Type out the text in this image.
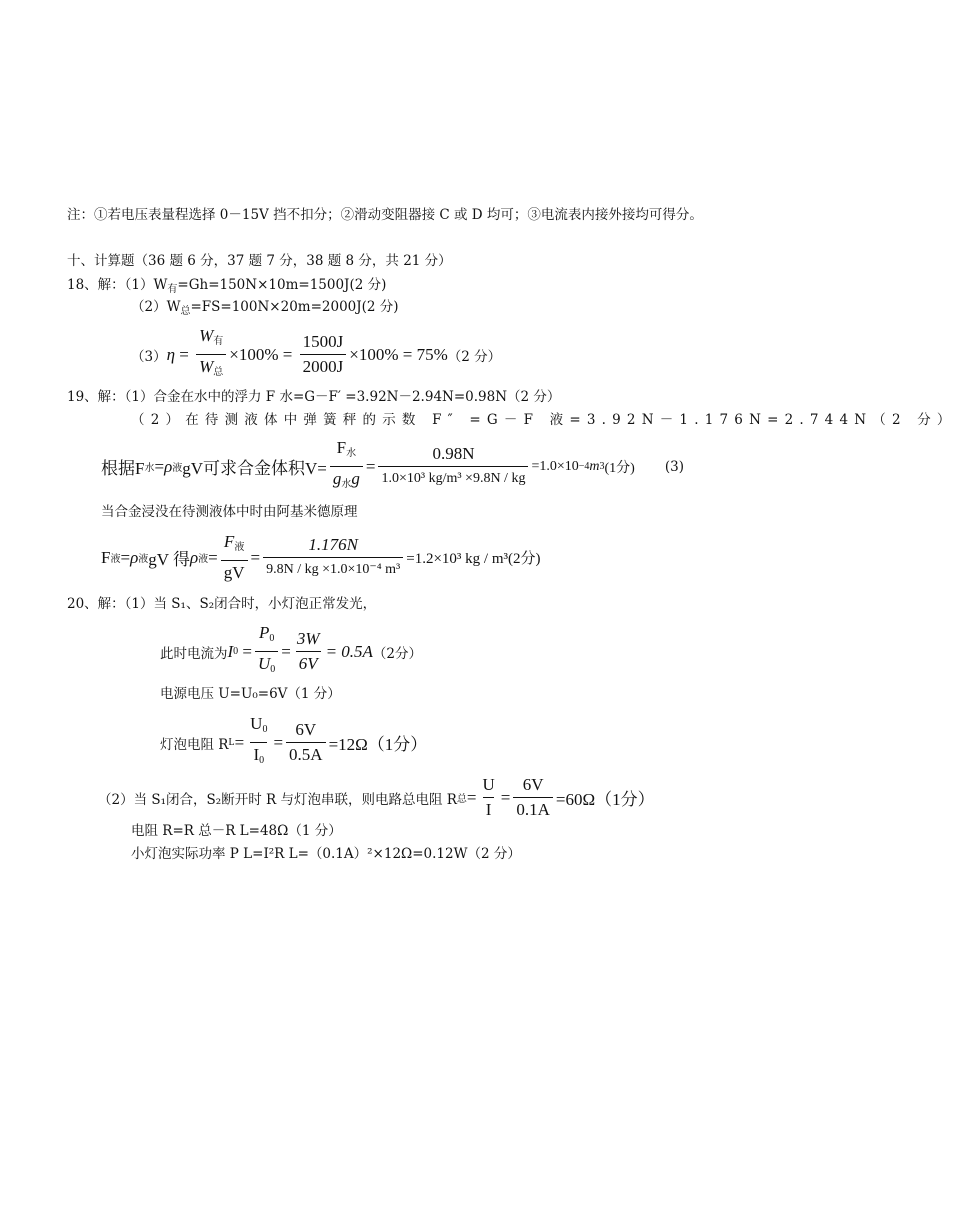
注：①若电压表量程选择 0－15V 挡不扣分；②滑动变阻器接 C 或 D 均可；③电流表内接外接均可得分。
十、计算题（36 题 6 分，37 题 7 分，38 题 8 分，共 21 分）
18、解：$(1)W_有=Gh=150N\times 10m=1500J(2$ 分)
$(2)W_总=FS=100N\times 20m=2000J(2$ 分)
（3） $\eta = \frac{W_有}{W_总} \times 100\% = \frac{1500J}{2000J} \times 100\% = 75\%$ （2 分）
19、解：（1）合金在水中的浮力 F 水=G－F′ =3.92N－2.94N=0.98N（2 分）
（2）在待测液体中弹簧秤的示数 F″ =G－F 液=3.92N－1.176N=2.744N（2 分）
根据F 水 = ρ 液 gV可求合金体积$V= \frac{F_水}{g_水g} = \frac{0.98N}{\text{1.0×10³ kg/m³ ×9.8N / kg}} =1.0\times 10 -4$ m 3 (1分) (3)
当合金浸没在待测液体中时由阿基米德原理
F 液 = ρ 液 gV 得 ρ 液 = $\frac{F_液}{gV} = \frac{1.176N}{\text{9.8N / kg ×1.0×10⁻⁴ m³}} =1.2\times 10^3$ kg / m³(2分)
20、解：（1）当 S₁、S₂闭合时，小灯泡正常发光，
此时电流为 I $0 = \frac{P_0}{U_0} = \frac{3W}{6V} = 0.5A$ （2分）
电源电压 U=U₀=6V（1 分）
灯泡电阻 R $L = \frac{U_0}{I_0} = \frac{6V}{0.5A} =12\Omega(1$分）
（2）当 S₁闭合，S₂断开时 R 与灯泡串联，则电路总电阻 R 总 = $\frac{U}{I} = \frac{6V}{0.1A} =60\Omega(1$分）
电阻 R=R 总－R L=48Ω（1 分）
小灯泡实际功率 P L=I²R L=（0.1A）²×12Ω=0.12W（2 分）
